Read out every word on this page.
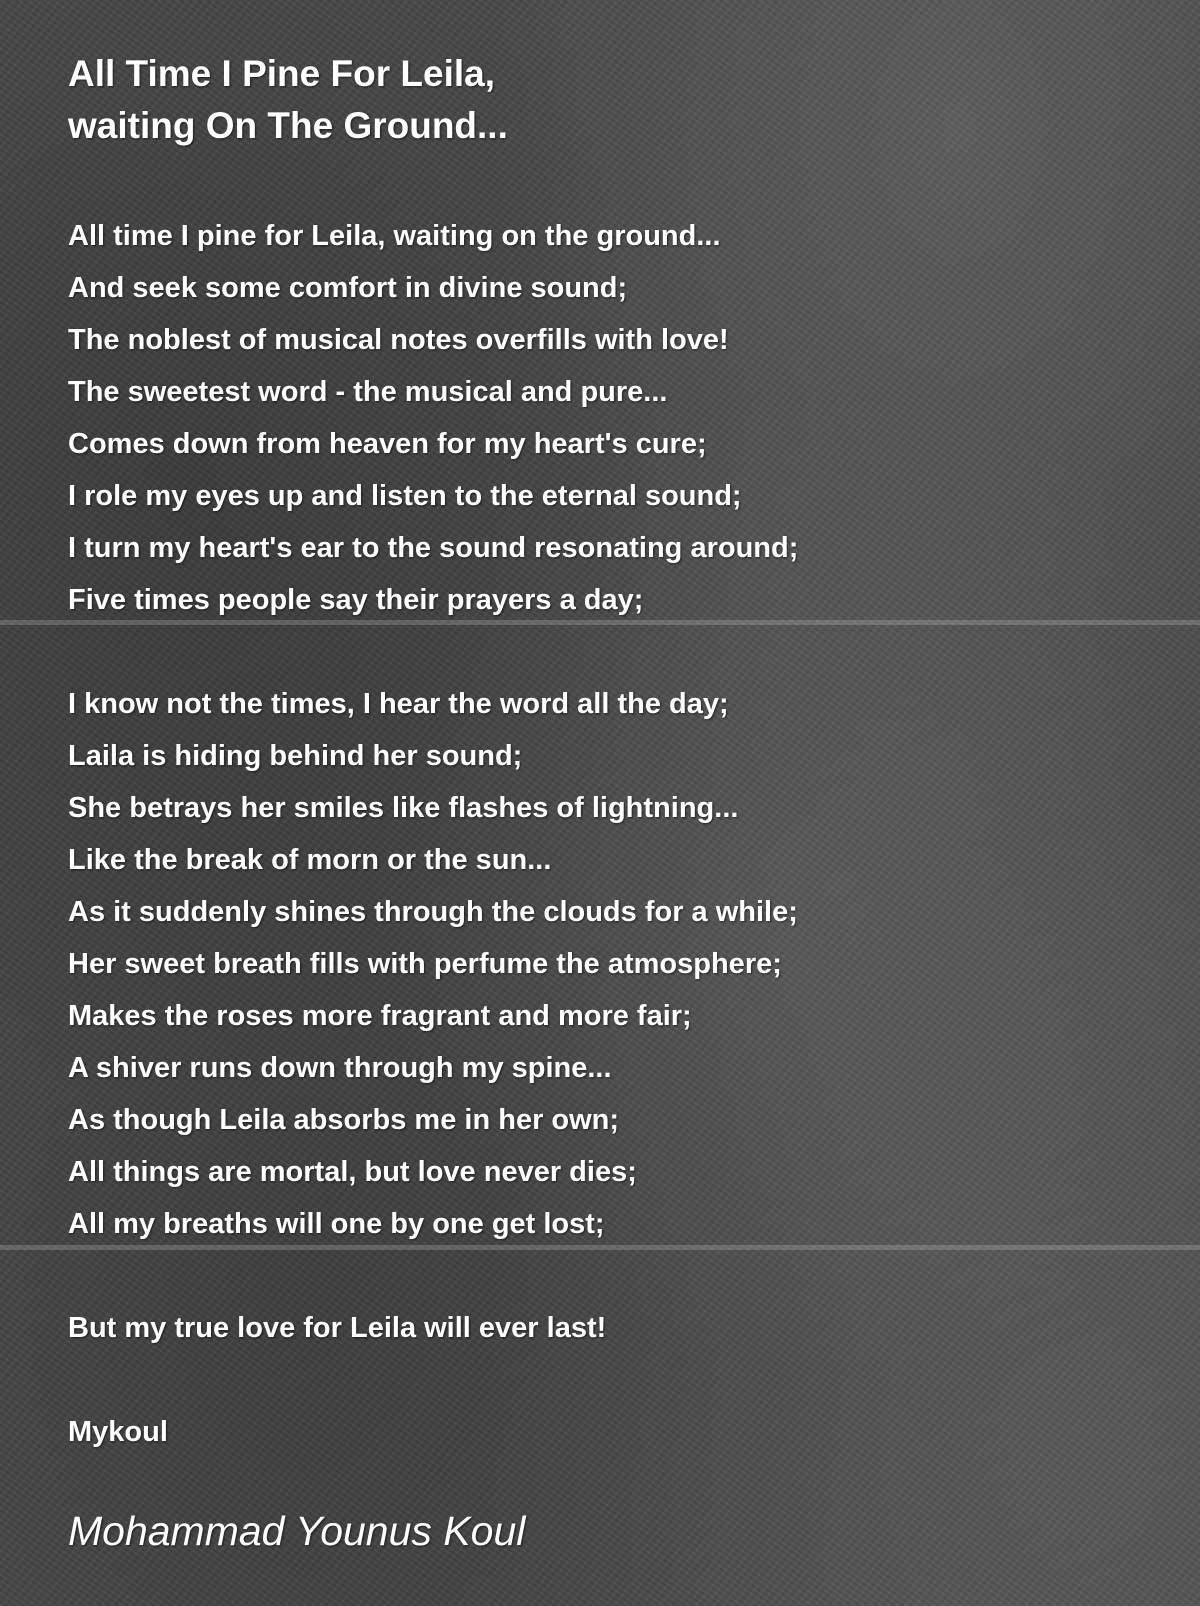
All Time I Pine For Leila,
waiting On The Ground...
All time I pine for Leila, waiting on the ground...
And seek some comfort in divine sound;
The noblest of musical notes overfills with love!
The sweetest word - the musical and pure...
Comes down from heaven for my heart's cure;
I role my eyes up and listen to the eternal sound;
I turn my heart's ear to the sound resonating around;
Five times people say their prayers a day;
I know not the times, I hear the word all the day;
Laila is hiding behind her sound;
She betrays her smiles like flashes of lightning...
Like the break of morn or the sun...
As it suddenly shines through the clouds for a while;
Her sweet breath fills with perfume the atmosphere;
Makes the roses more fragrant and more fair;
A shiver runs down through my spine...
As though Leila absorbs me in her own;
All things are mortal, but love never dies;
All my breaths will one by one get lost;
But my true love for Leila will ever last!
Mykoul
Mohammad Younus Koul
